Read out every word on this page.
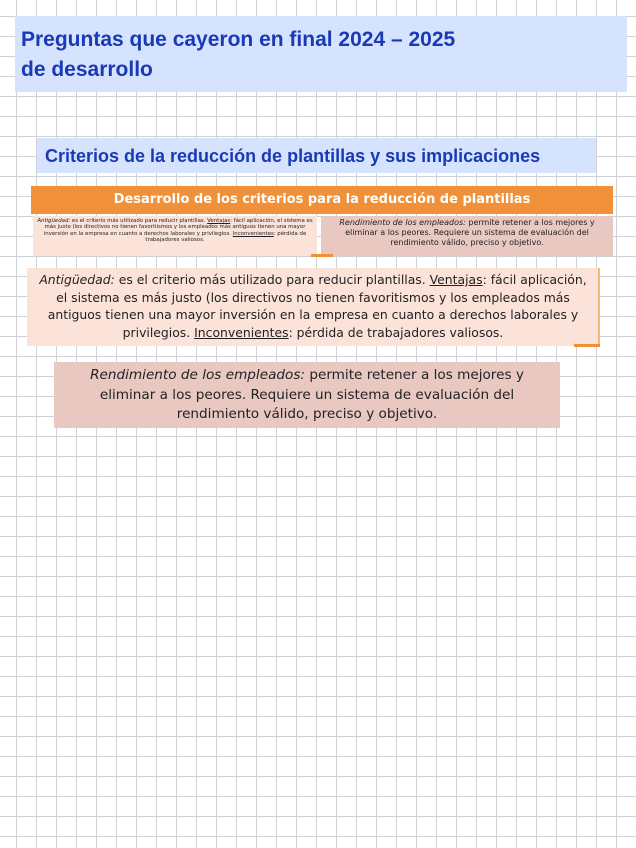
Preguntas que cayeron en final 2024 – 2025
de desarrollo
Criterios de la reducción de plantillas y sus implicaciones
Desarrollo de los criterios para la reducción de plantillas
Antigüedad: es el criterio más utilizado para reducir plantillas. Ventajas: fácil aplicación, el sistema es más justo (los directivos no tienen favoritismos y los empleados más antiguos tienen una mayor inversión en la empresa en cuanto a derechos laborales y privilegios. Inconvenientes: pérdida de trabajadores valiosos.
Rendimiento de los empleados: permite retener a los mejores y eliminar a los peores. Requiere un sistema de evaluación del rendimiento válido, preciso y objetivo.
Antigüedad: es el criterio más utilizado para reducir plantillas. Ventajas: fácil aplicación, el sistema es más justo (los directivos no tienen favoritismos y los empleados más antiguos tienen una mayor inversión en la empresa en cuanto a derechos laborales y privilegios. Inconvenientes: pérdida de trabajadores valiosos.
Rendimiento de los empleados: permite retener a los mejores y eliminar a los peores. Requiere un sistema de evaluación del rendimiento válido, preciso y objetivo.
